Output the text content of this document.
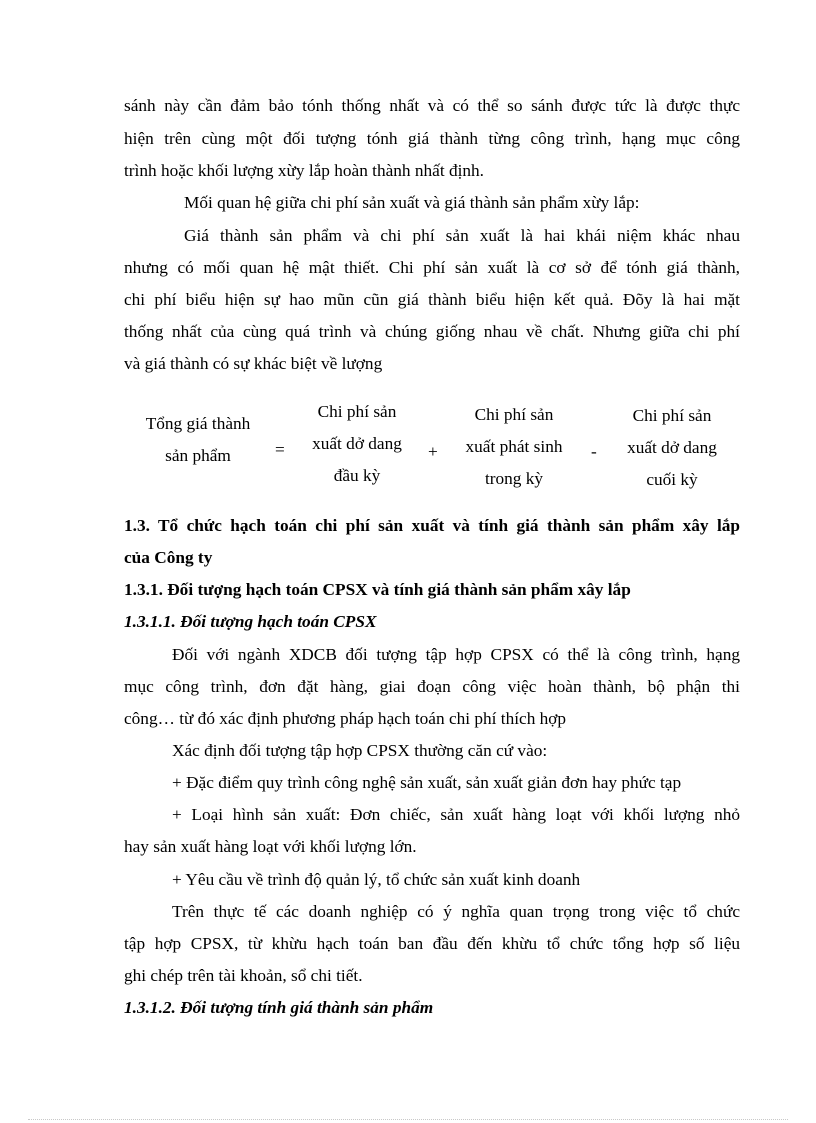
sánh này cần đảm bảo tónh thống nhất và có thể so sánh được tức là được thực
hiện trên cùng một đối tượng tónh giá thành từng công trình, hạng mục công
trình hoặc khối lượng xừy lắp hoàn thành nhất định.
Mối quan hệ giữa chi phí sản xuất và giá thành sản phẩm xừy lắp:
Giá thành sản phẩm và chi phí sản xuất là hai khái niệm khác nhau
nhưng có mối quan hệ mật thiết. Chi phí sản xuất là cơ sở để tónh giá thành,
chi phí biểu hiện sự hao mũn cũn giá thành biểu hiện kết quả. Đõy là hai mặt
thống nhất của cùng quá trình và chúng giống nhau về chất. Nhưng giữa chi phí
và giá thành có sự khác biệt về lượng
Tổng giá thành
sản phẩm	=
Chi phí sản
xuất dở dang
đầu kỳ
+
Chi phí sản
xuất phát sinh
trong kỳ
-
Chi phí sản
xuất dở dang
cuối kỳ
1.3. Tổ chức hạch toán chi phí sản xuất và tính giá thành sản phẩm xây lắp
của Công ty
1.3.1. Đối tượng hạch toán CPSX và tính giá thành sản phẩm xây lắp
1.3.1.1. Đối tượng hạch toán CPSX
Đối với ngành XDCB đối tượng tập hợp CPSX có thể là công trình, hạng
mục công trình, đơn đặt hàng, giai đoạn công việc hoàn thành, bộ phận thi
công… từ đó xác định phương pháp hạch toán chi phí thích hợp
Xác định đối tượng tập hợp CPSX thường căn cứ vào:
+ Đặc điểm quy trình công nghệ sản xuất, sản xuất giản đơn hay phức tạp
+ Loại hình sản xuất: Đơn chiếc, sản xuất hàng loạt với khối lượng nhỏ
hay sản xuất hàng loạt với khối lượng lớn.
+ Yêu cầu về trình độ quản lý, tổ chức sản xuất kinh doanh
Trên thực tế các doanh nghiệp có ý nghĩa quan trọng trong việc tổ chức
tập hợp CPSX, từ khừu hạch toán ban đầu đến khừu tổ chức tổng hợp số liệu
ghi chép trên tài khoản, sổ chi tiết.
1.3.1.2. Đối tượng tính giá thành sản phẩm
